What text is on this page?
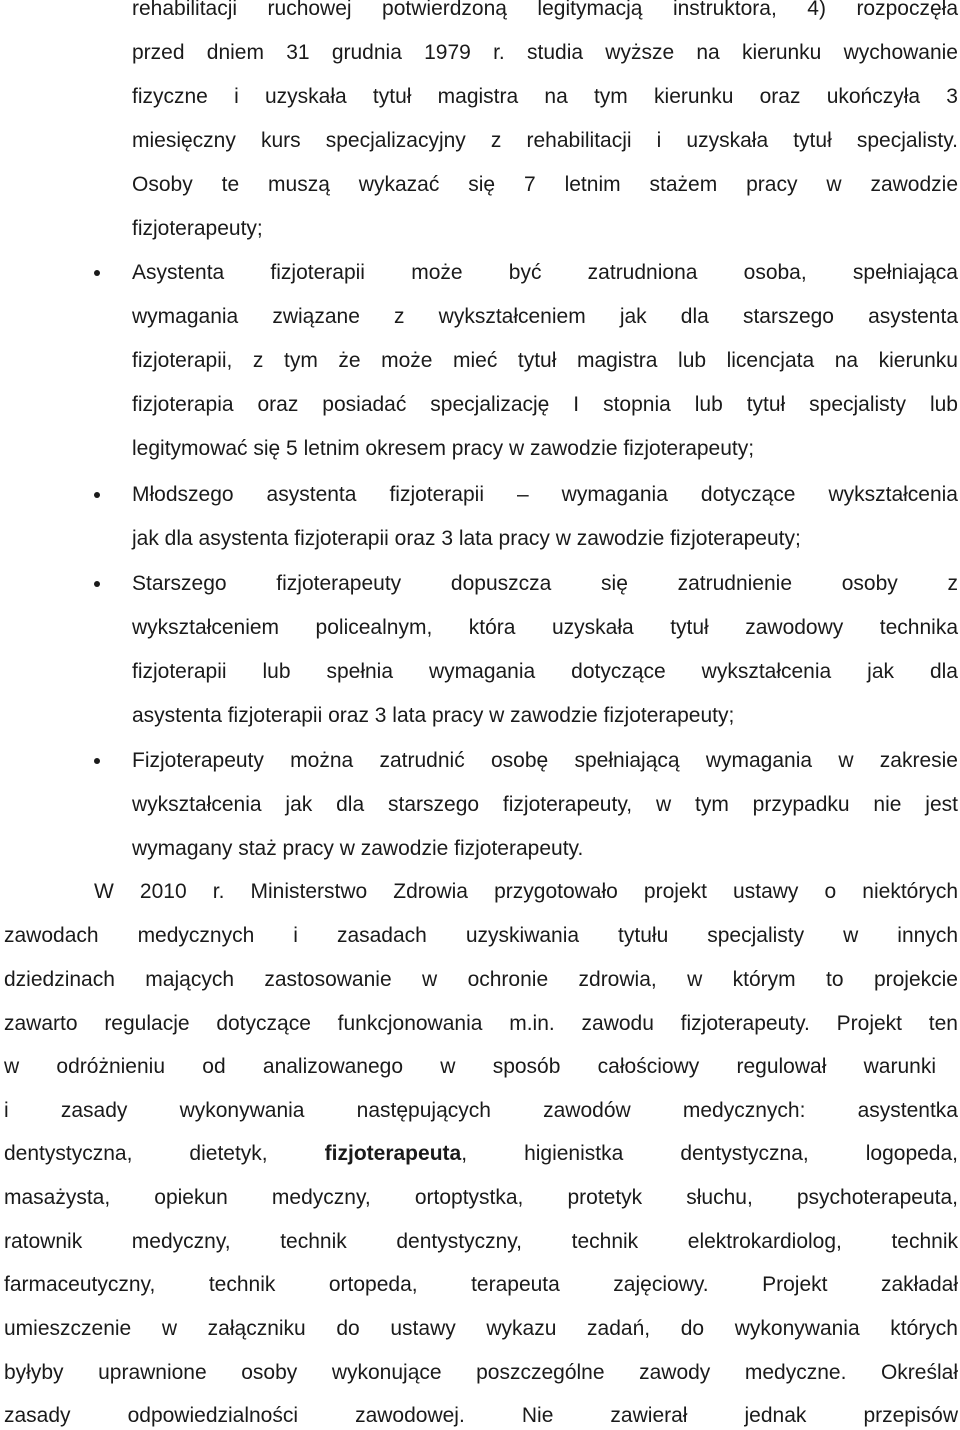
rehabilitacji ruchowej potwierdzoną legitymacją instruktora, 4) rozpoczęła
przed dniem 31 grudnia 1979 r. studia wyższe na kierunku wychowanie
fizyczne i uzyskała tytuł magistra na tym kierunku oraz ukończyła 3
miesięczny kurs specjalizacyjny z rehabilitacji i uzyskała tytuł specjalisty.
Osoby te muszą wykazać się 7 letnim stażem pracy w zawodzie
fizjoterapeuty;
Asystenta fizjoterapii może być zatrudniona osoba, spełniająca
wymagania związane z wykształceniem jak dla starszego asystenta
fizjoterapii, z tym że może mieć tytuł magistra lub licencjata na kierunku
fizjoterapia oraz posiadać specjalizację I stopnia lub tytuł specjalisty lub
legitymować się 5 letnim okresem pracy w zawodzie fizjoterapeuty;
Młodszego asystenta fizjoterapii – wymagania dotyczące wykształcenia
jak dla asystenta fizjoterapii oraz 3 lata pracy w zawodzie fizjoterapeuty;
Starszego fizjoterapeuty dopuszcza się zatrudnienie osoby z
wykształceniem policealnym, która uzyskała tytuł zawodowy technika
fizjoterapii lub spełnia wymagania dotyczące wykształcenia jak dla
asystenta fizjoterapii oraz 3 lata pracy w zawodzie fizjoterapeuty;
Fizjoterapeuty można zatrudnić osobę spełniającą wymagania w zakresie
wykształcenia jak dla starszego fizjoterapeuty, w tym przypadku nie jest
wymagany staż pracy w zawodzie fizjoterapeuty.
W 2010 r. Ministerstwo Zdrowia przygotowało projekt ustawy o niektórych
zawodach medycznych i zasadach uzyskiwania tytułu specjalisty w innych
dziedzinach mających zastosowanie w ochronie zdrowia, w którym to projekcie
zawarto regulacje dotyczące funkcjonowania m.in. zawodu fizjoterapeuty. Projekt ten
w odróżnieniu od analizowanego w sposób całościowy regulował warunki
i zasady wykonywania następujących zawodów medycznych: asystentka
dentystyczna, dietetyk, fizjoterapeuta, higienistka dentystyczna, logopeda,
masażysta, opiekun medyczny, ortoptystka, protetyk słuchu, psychoterapeuta,
ratownik medyczny, technik dentystyczny, technik elektrokardiolog, technik
farmaceutyczny, technik ortopeda, terapeuta zajęciowy. Projekt zakładał
umieszczenie w załączniku do ustawy wykazu zadań, do wykonywania których
byłyby uprawnione osoby wykonujące poszczególne zawody medyczne. Określał
zasady odpowiedzialności zawodowej. Nie zawierał jednak przepisów
